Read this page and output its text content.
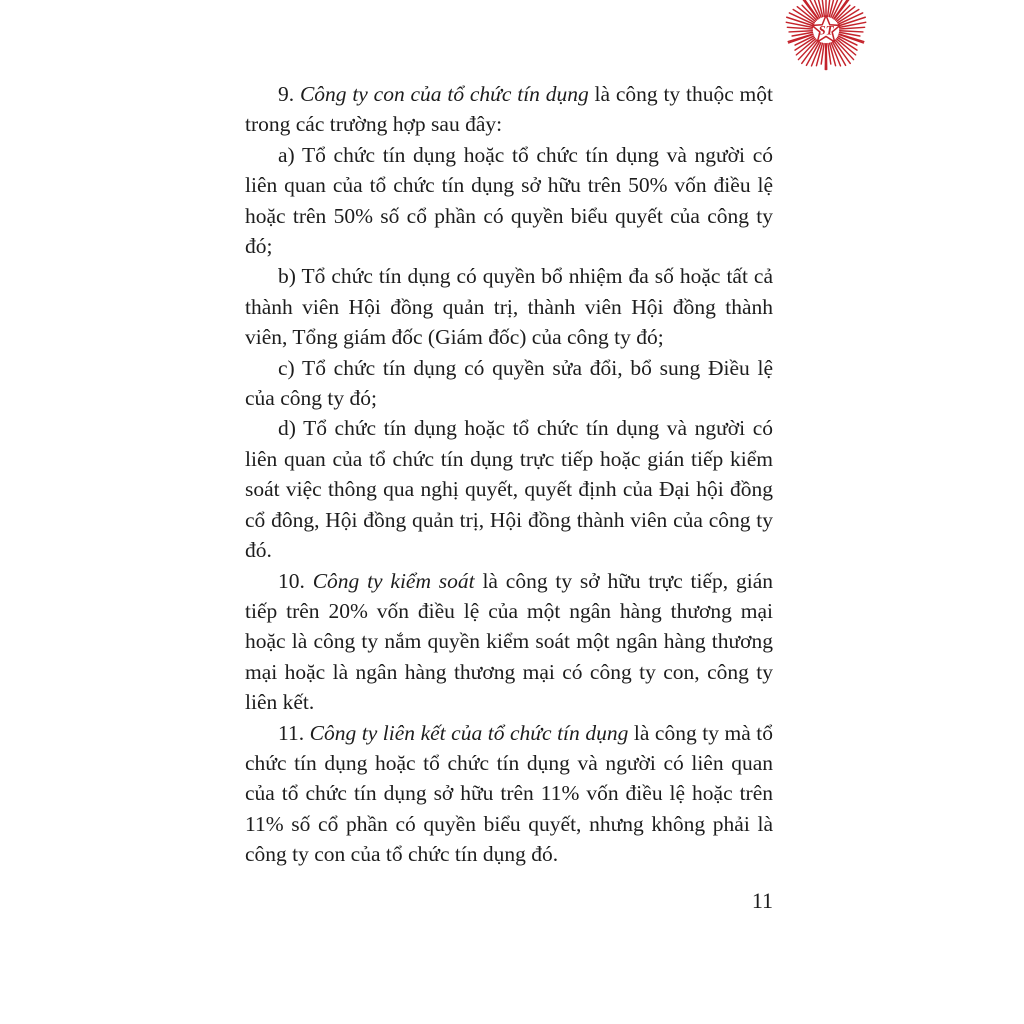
ST

9. Công ty con của tổ chức tín dụng là công ty thuộc một trong các trường hợp sau đây:

a) Tổ chức tín dụng hoặc tổ chức tín dụng và người có liên quan của tổ chức tín dụng sở hữu trên 50% vốn điều lệ hoặc trên 50% số cổ phần có quyền biểu quyết của công ty đó;

b) Tổ chức tín dụng có quyền bổ nhiệm đa số hoặc tất cả thành viên Hội đồng quản trị, thành viên Hội đồng thành viên, Tổng giám đốc (Giám đốc) của công ty đó;

c) Tổ chức tín dụng có quyền sửa đổi, bổ sung Điều lệ của công ty đó;

d) Tổ chức tín dụng hoặc tổ chức tín dụng và người có liên quan của tổ chức tín dụng trực tiếp hoặc gián tiếp kiểm soát việc thông qua nghị quyết, quyết định của Đại hội đồng cổ đông, Hội đồng quản trị, Hội đồng thành viên của công ty đó.

10. Công ty kiểm soát là công ty sở hữu trực tiếp, gián tiếp trên 20% vốn điều lệ của một ngân hàng thương mại hoặc là công ty nắm quyền kiểm soát một ngân hàng thương mại hoặc là ngân hàng thương mại có công ty con, công ty liên kết.

11. Công ty liên kết của tổ chức tín dụng là công ty mà tổ chức tín dụng hoặc tổ chức tín dụng và người có liên quan của tổ chức tín dụng sở hữu trên 11% vốn điều lệ hoặc trên 11% số cổ phần có quyền biểu quyết, nhưng không phải là công ty con của tổ chức tín dụng đó.

11
